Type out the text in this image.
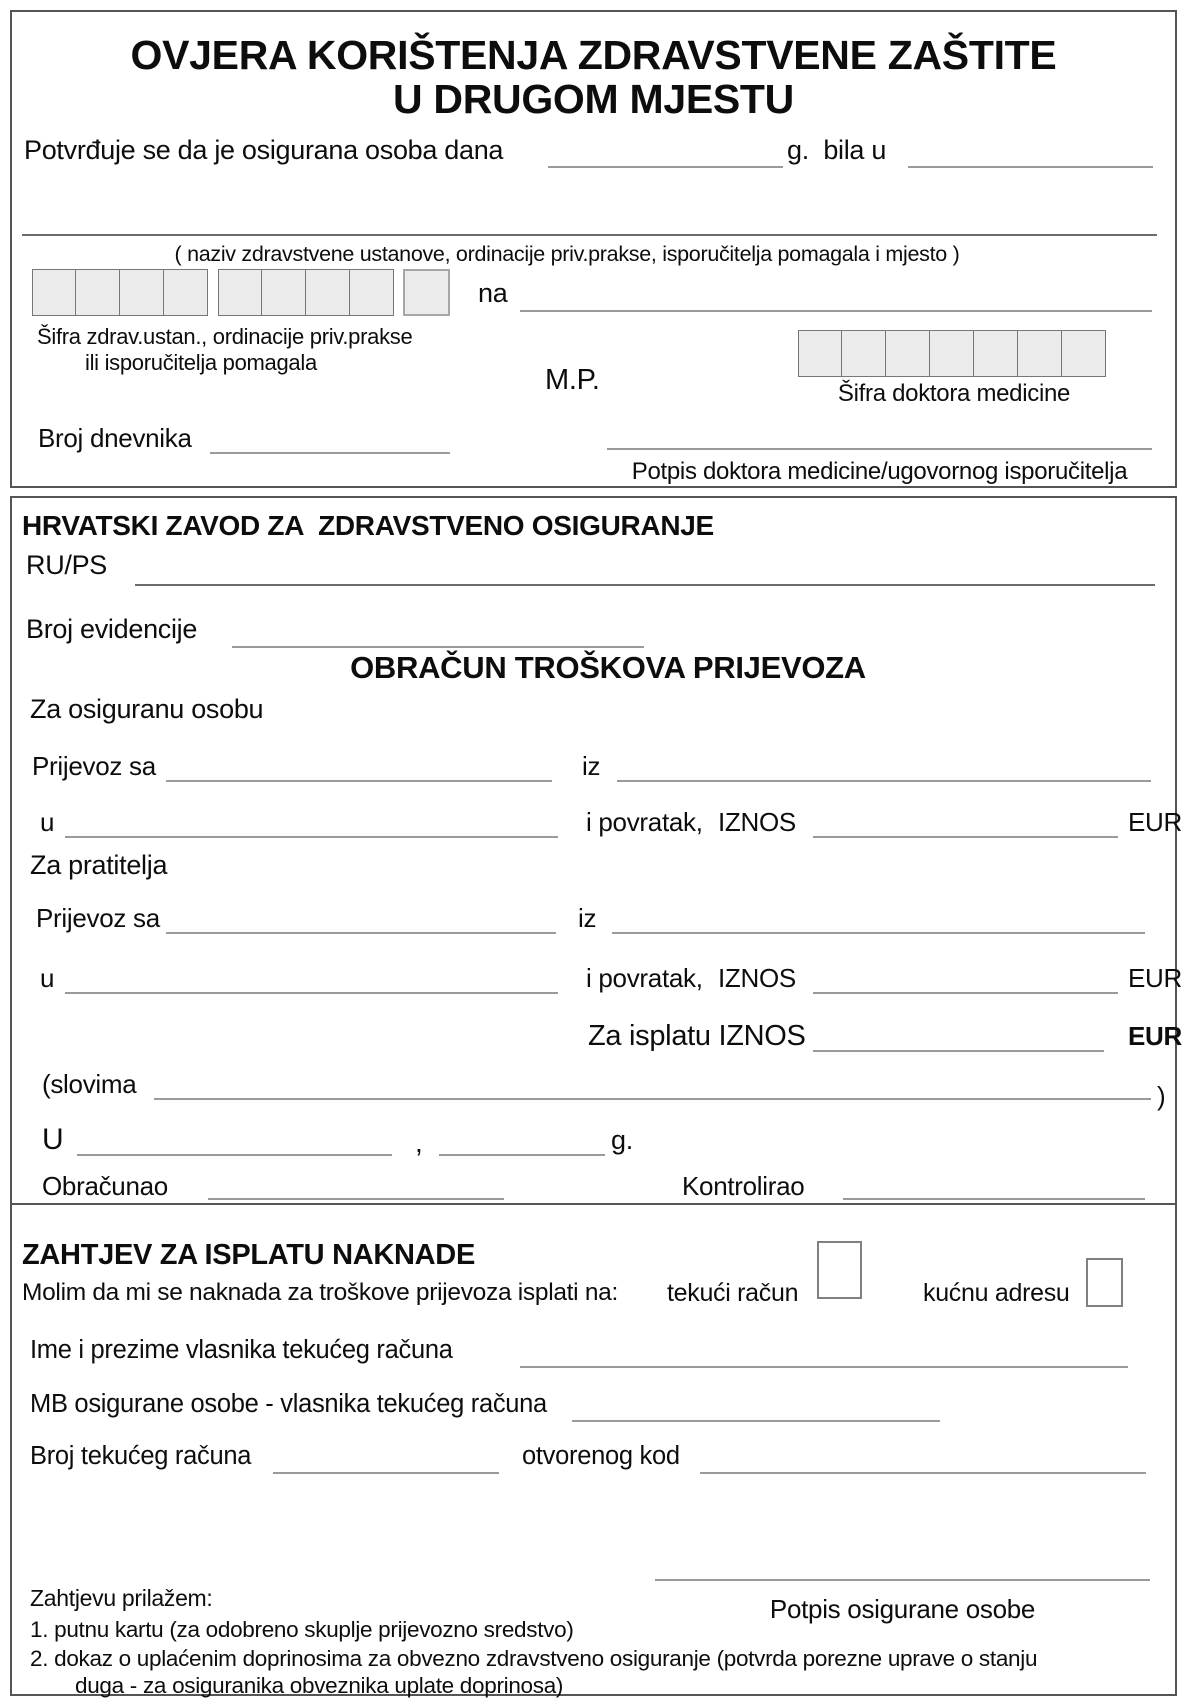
OVJERA KORIŠTENJA ZDRAVSTVENE ZAŠTITE
U DRUGOM MJESTU
Potvrđuje se da je osigurana osoba dana	g.  bila u
( naziv zdravstvene ustanove, ordinacije priv.prakse, isporučitelja pomagala i mjesto )
na
Šifra zdrav.ustan., ordinacije priv.prakse
ili isporučitelja pomagala
Šifra doktora medicine
M.P.
Broj dnevnika
Potpis doktora medicine/ugovornog isporučitelja
HRVATSKI ZAVOD ZA  ZDRAVSTVENO OSIGURANJE
RU/PS
Broj evidencije
OBRAČUN TROŠKOVA PRIJEVOZA
Za osiguranu osobu
Prijevoz sa	iz
u	i povratak, IZNOS	EUR
Za pratitelja
Prijevoz sa	iz
u	i povratak, IZNOS	EUR
Za isplatu IZNOS	EUR
(slovima	)
U	,	g.
Obračunao	Kontrolirao
ZAHTJEV ZA ISPLATU NAKNADE
Molim da mi se naknada za troškove prijevoza isplati na: tekući račun	kućnu adresu
Ime i prezime vlasnika tekućeg računa
MB osigurane osobe - vlasnika tekućeg računa
Broj tekućeg računa	otvorenog kod
Potpis osigurane osobe
Zahtjevu prilažem:
1. putnu kartu (za odobreno skuplje prijevozno sredstvo)
2. dokaz o uplaćenim doprinosima za obvezno zdravstveno osiguranje (potvrda porezne uprave o stanju duga - za osiguranika obveznika uplate doprinosa)
